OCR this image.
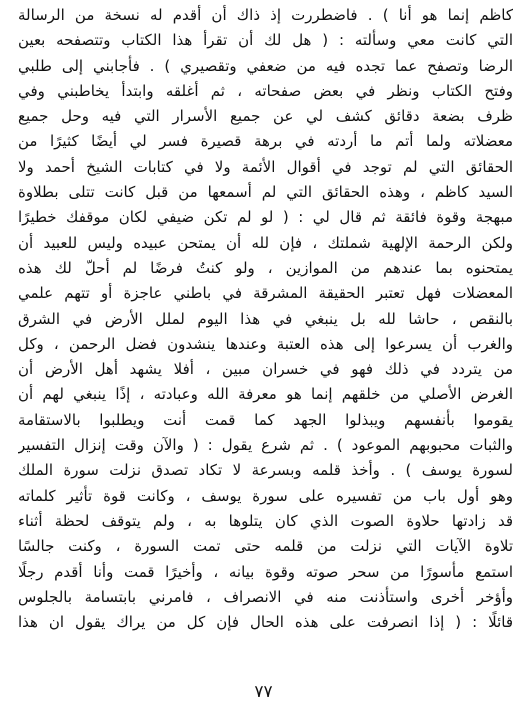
كاظم إنما هو أنا ) . فاضطررت إذ ذاك أن أقدم له نسخة من الرسالة
التي كانت معي وسألته : ( هل لك أن تقرأ هذا الكتاب وتتصفحه بعين
الرضا وتصفح عما تجده فيه من ضعفي وتقصيري ) . فأجابني إلى طلبي
وفتح الكتاب ونظر في بعض صفحاته ، ثم أغلقه وابتدأ يخاطبني وفي
ظرف بضعة دقائق كشف لي عن جميع الأسرار التي فيه وحل جميع
معضلاته ولما أتم ما أردته في برهة قصيرة فسر لي أيضًا كثيرًا من
الحقائق التي لم توجد في أقوال الأئمة ولا في كتابات الشيخ أحمد ولا
السيد كاظم ، وهذه الحقائق التي لم أسمعها من قبل كانت تتلى بطلاوة
مبهجة وقوة فائقة ثم قال لي : ( لو لم تكن ضيفي لكان موقفك خطيرًا
ولكن الرحمة الإلهية شملتك ، فإن لله أن يمتحن عبيده وليس للعبيد أن
يمتحنوه بما عندهم من الموازين ، ولو كنتُ فرضًا لم أحلّ لك هذه
المعضلات فهل تعتبر الحقيقة المشرقة في باطني عاجزة أو تتهم علمي
بالنقص ، حاشا لله بل ينبغي في هذا اليوم لملل الأرض في الشرق
والغرب أن يسرعوا إلى هذه العتبة وعندها ينشدون فضل الرحمن ، وكل
من يتردد في ذلك فهو في خسران مبين ، أفلا يشهد أهل الأرض أن
الغرض الأصلي من خلقهم إنما هو معرفة الله وعبادته ، إذًا ينبغي لهم أن
يقوموا بأنفسهم ويبذلوا الجهد كما قمت أنت ويطلبوا بالاستقامة
والثبات محبوبهم الموعود ) . ثم شرع يقول : ( والآن وقت إنزال التفسير
لسورة يوسف ) . وأخذ قلمه وبسرعة لا تكاد تصدق نزلت سورة الملك
وهو أول باب من تفسيره على سورة يوسف ، وكانت قوة تأثير كلماته
قد زادتها حلاوة الصوت الذي كان يتلوها به ، ولم يتوقف لحظة أثناء
تلاوة الآيات التي نزلت من قلمه حتى تمت السورة ، وكنت جالسًا
استمع مأسورًا من سحر صوته وقوة بيانه ، وأخيرًا قمت وأنا أقدم رجلًا
وأؤخر أخرى واستأذنت منه في الانصراف ، فامرني بابتسامة بالجلوس
قائلًا : ( إذا انصرفت على هذه الحال فإن كل من يراك يقول ان هذا
٧٧
